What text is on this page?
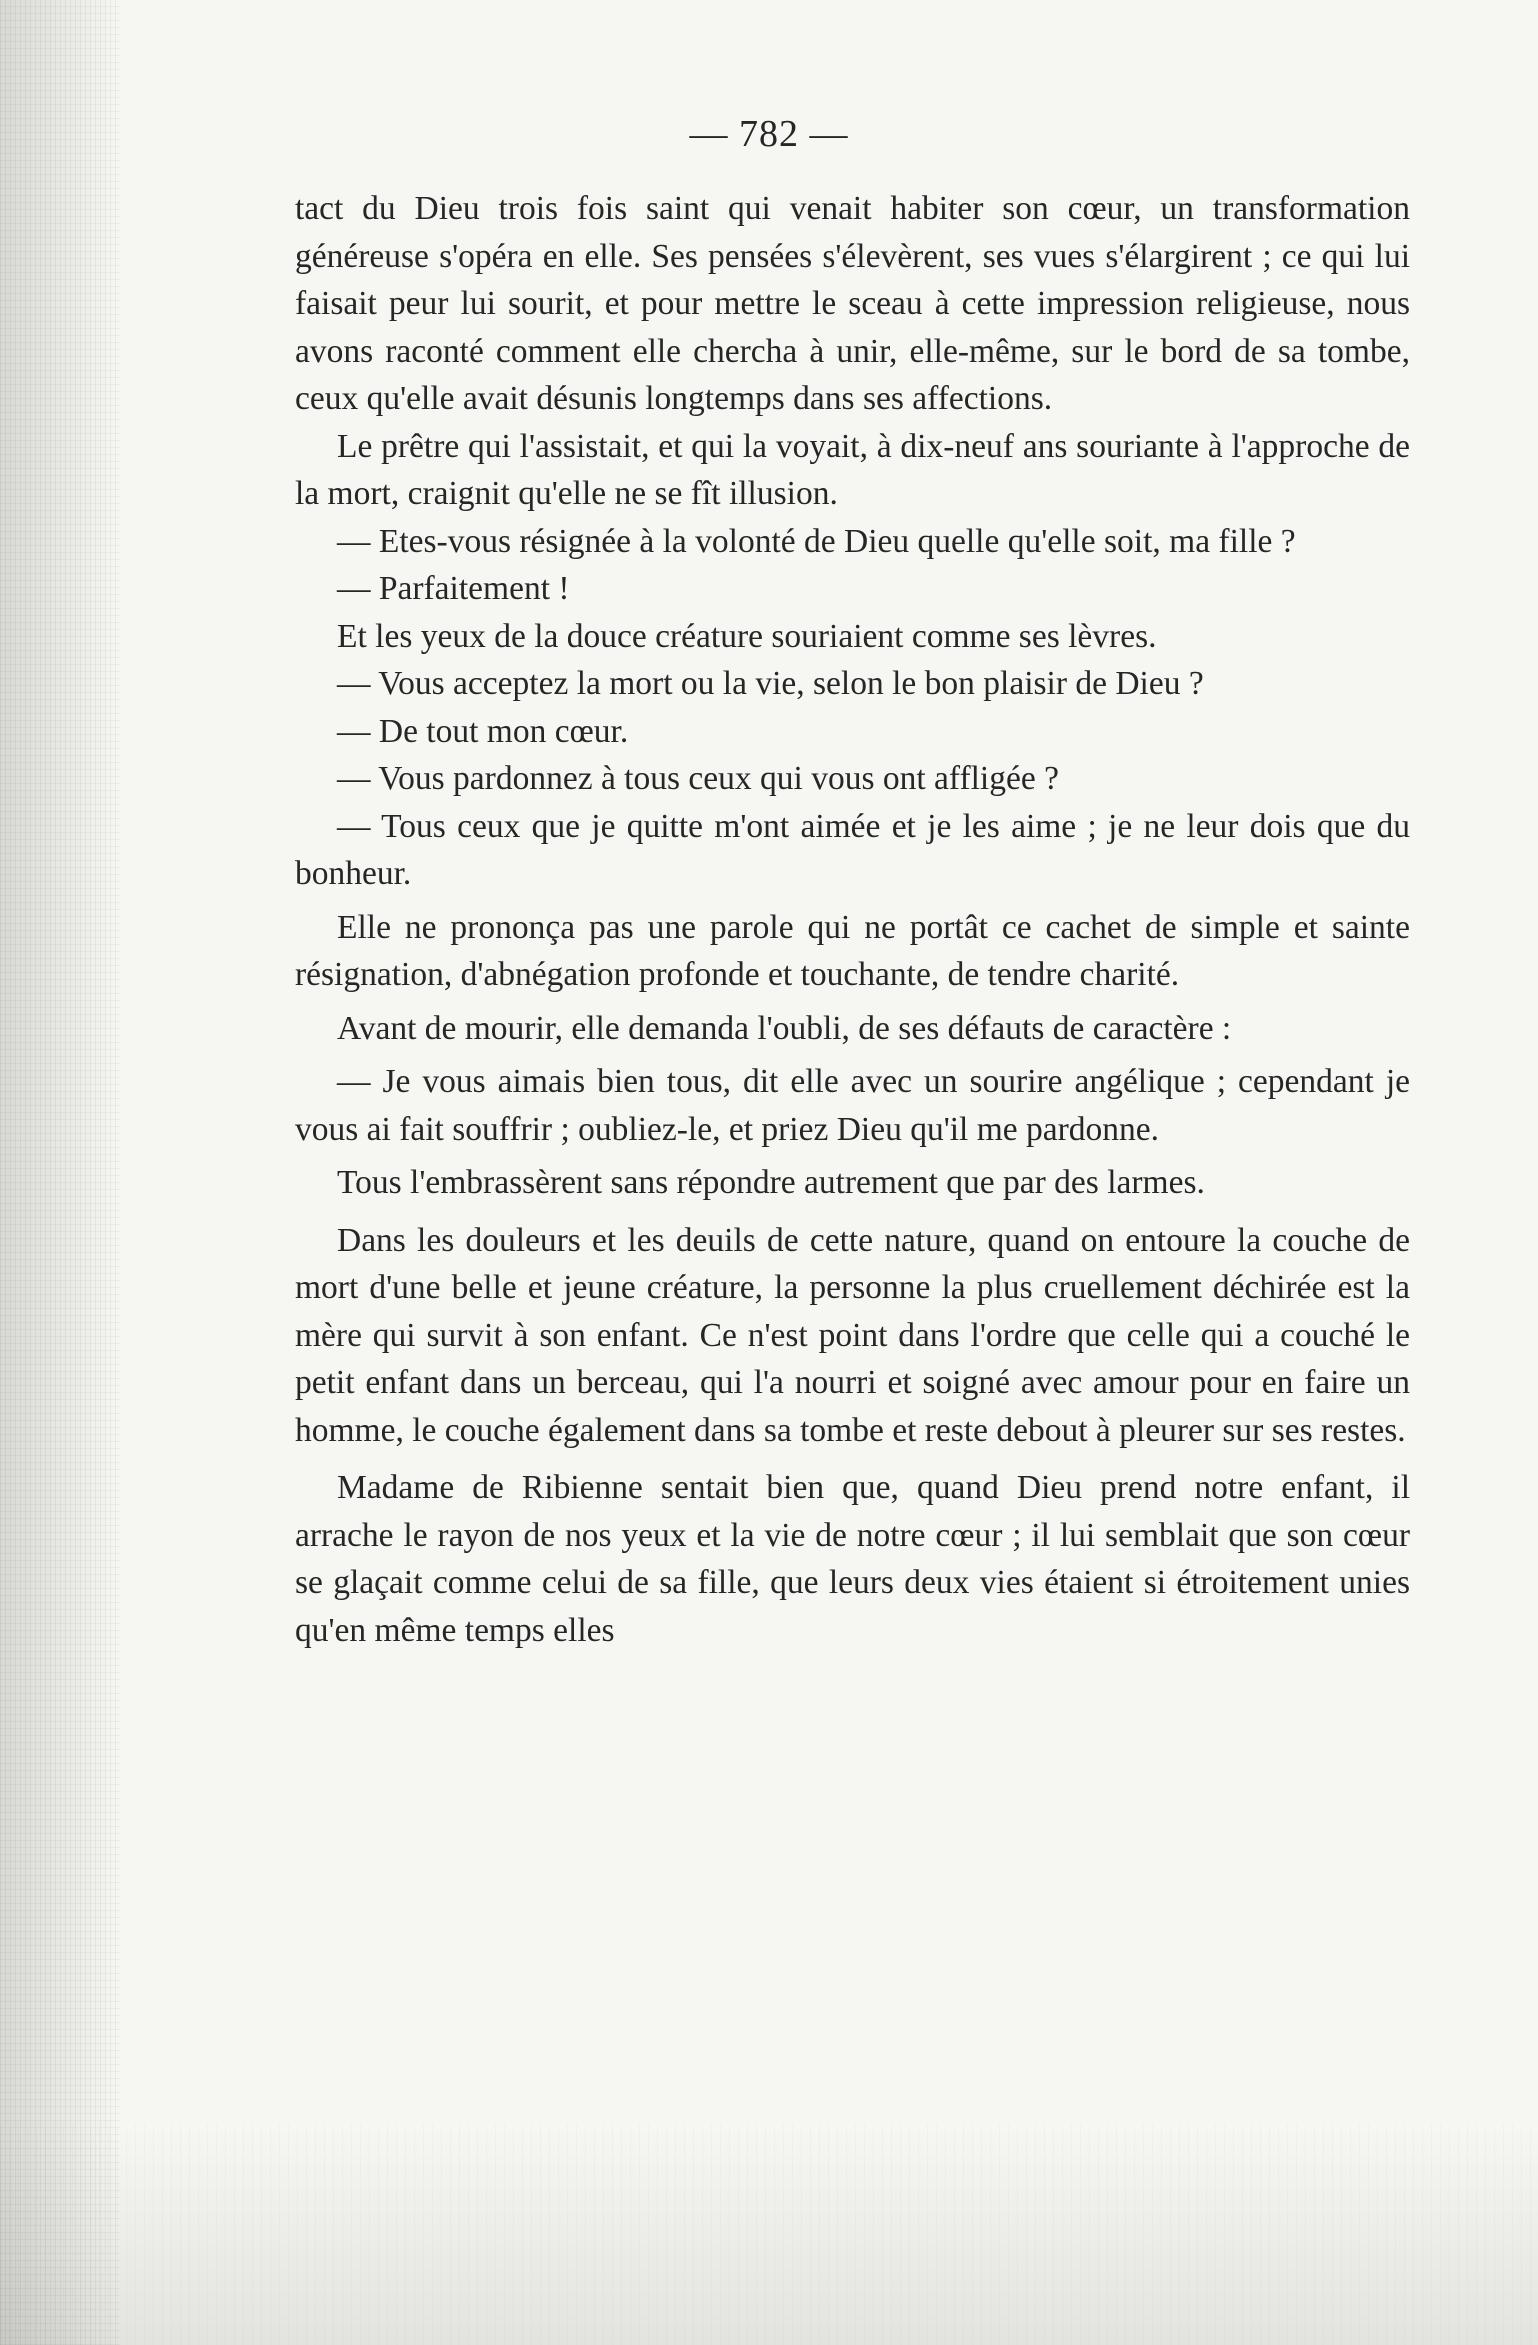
— 782 —

tact du Dieu trois fois saint qui venait habiter son cœur, un transformation généreuse s'opéra en elle. Ses pensées s'élevèrent, ses vues s'élargirent ; ce qui lui faisait peur lui sourit, et pour mettre le sceau à cette impression religieuse, nous avons raconté comment elle chercha à unir, elle-même, sur le bord de sa tombe, ceux qu'elle avait désunis longtemps dans ses affections.

Le prêtre qui l'assistait, et qui la voyait, à dix-neuf ans souriante à l'approche de la mort, craignit qu'elle ne se fît illusion.

— Etes-vous résignée à la volonté de Dieu quelle qu'elle soit, ma fille ?

— Parfaitement !

Et les yeux de la douce créature souriaient comme ses lèvres.

— Vous acceptez la mort ou la vie, selon le bon plaisir de Dieu ?

— De tout mon cœur.

— Vous pardonnez à tous ceux qui vous ont affligée ?

— Tous ceux que je quitte m'ont aimée et je les aime ; je ne leur dois que du bonheur.

Elle ne prononça pas une parole qui ne portât ce cachet de simple et sainte résignation, d'abnégation profonde et touchante, de tendre charité.

Avant de mourir, elle demanda l'oubli, de ses défauts de caractère :

— Je vous aimais bien tous, dit elle avec un sourire angélique ; cependant je vous ai fait souffrir ; oubliez-le, et priez Dieu qu'il me pardonne.

Tous l'embrassèrent sans répondre autrement que par des larmes.

Dans les douleurs et les deuils de cette nature, quand on entoure la couche de mort d'une belle et jeune créature, la personne la plus cruellement déchirée est la mère qui survit à son enfant. Ce n'est point dans l'ordre que celle qui a couché le petit enfant dans un berceau, qui l'a nourri et soigné avec amour pour en faire un homme, le couche également dans sa tombe et reste debout à pleurer sur ses restes.

Madame de Ribienne sentait bien que, quand Dieu prend notre enfant, il arrache le rayon de nos yeux et la vie de notre cœur ; il lui semblait que son cœur se glaçait comme celui de sa fille, que leurs deux vies étaient si étroitement unies qu'en même temps elles
